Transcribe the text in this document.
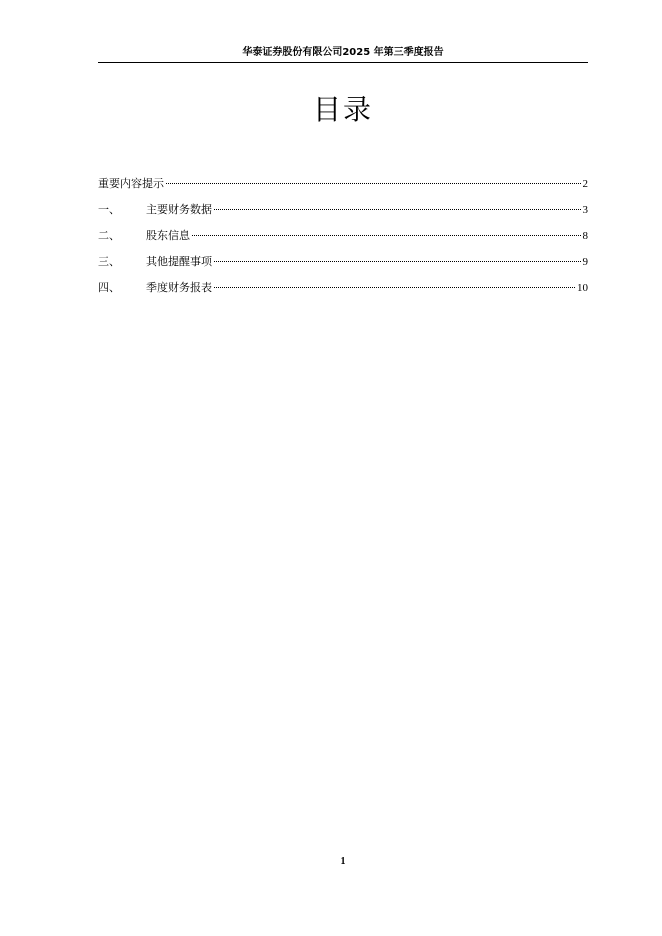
华泰证券股份有限公司2025 年第三季度报告
目录
重要内容提示	2
一、	主要财务数据	3
二、	股东信息	8
三、	其他提醒事项	9
四、	季度财务报表	10
1
